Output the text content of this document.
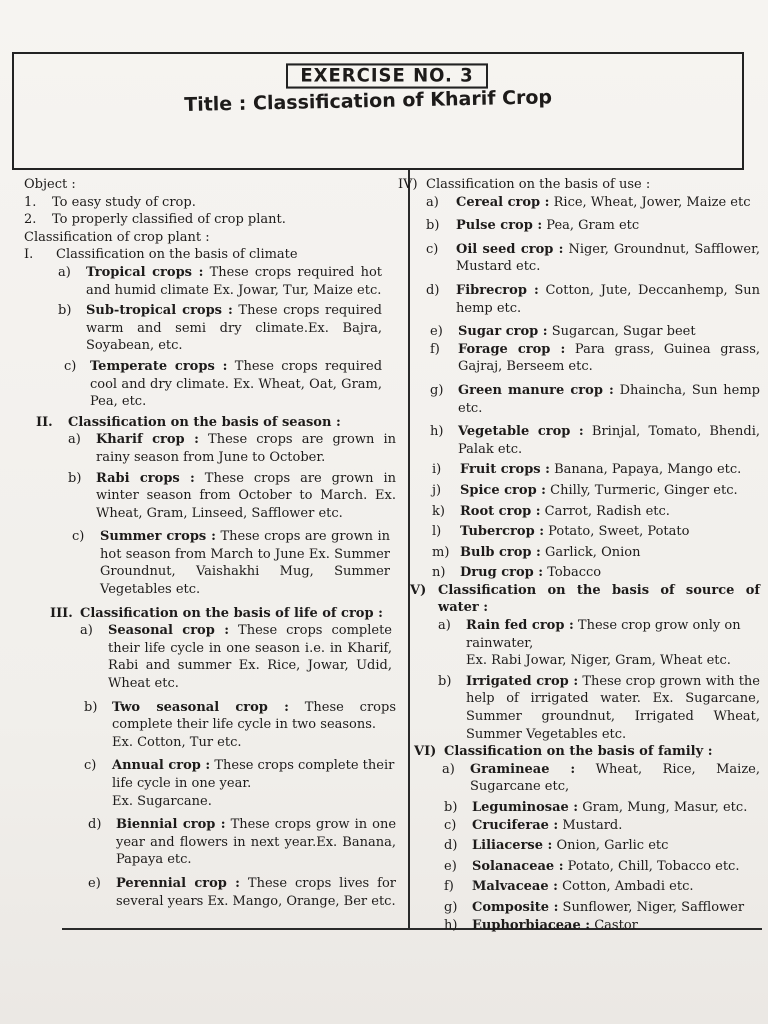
EXERCISE NO. 3
Title : Classification of Kharif Crop
Object :
1.	To easy study of crop.
2.	To properly classified of crop plant.
Classification of crop plant :
I.	Classification on the basis of climate
a)	Tropical crops : These crops required hot and humid climate Ex. Jowar, Tur, Maize etc.
b)	Sub-tropical crops : These crops required warm and semi dry climate.Ex. Bajra, Soyabean, etc.
c)	Temperate crops : These crops required cool and dry climate. Ex. Wheat, Oat, Gram, Pea, etc.
II.	Classification on the basis of season :
a)	Kharif crop : These crops are grown in rainy season from June to October.
b)	Rabi crops : These crops are grown in winter season from October to March. Ex. Wheat, Gram, Linseed, Safflower etc.
c)	Summer crops : These crops are grown in hot season from March to June Ex. Summer Groundnut, Vaishakhi Mug, Summer Vegetables etc.
III. Classification on the basis of life of crop :
a)	Seasonal crop : These crops complete their life cycle in one season i.e. in Kharif, Rabi and summer Ex. Rice, Jowar, Udid, Wheat etc.
b)	Two seasonal crop : These crops complete their life cycle in two seasons.
Ex. Cotton, Tur etc.
c)	Annual crop : These crops complete their life cycle in one year.
Ex. Sugarcane.
d)	Biennial crop : These crops grow in one year and flowers in next year.Ex. Banana, Papaya etc.
e)	Perennial crop : These crops lives for several years Ex. Mango, Orange, Ber etc.
IV) Classification on the basis of use :
a)	Cereal crop : Rice, Wheat, Jower, Maize etc
b)	Pulse crop : Pea, Gram etc
c)	Oil seed crop : Niger, Groundnut, Safflower, Mustard etc.
d)	Fibrecrop : Cotton, Jute, Deccanhemp, Sun hemp etc.
e)	Sugar crop : Sugarcan, Sugar beet
f)	Forage crop : Para grass, Guinea grass, Gajraj, Berseem etc.
g)	Green manure crop : Dhaincha, Sun hemp etc.
h)	Vegetable crop : Brinjal, Tomato, Bhendi, Palak etc.
i)	Fruit crops : Banana, Papaya, Mango etc.
j)	Spice crop : Chilly, Turmeric, Ginger etc.
k)	Root crop : Carrot, Radish etc.
l)	Tubercrop : Potato, Sweet, Potato
m) Bulb crop : Garlick, Onion
n)	Drug crop : Tobacco
V) Classification on the basis of source of water :
a)	Rain fed crop : These crop grow only on rainwater,
Ex. Rabi Jowar, Niger, Gram, Wheat etc.
b)	Irrigated crop : These crop grown with the help of irrigated water. Ex. Sugarcane, Summer groundnut, Irrigated Wheat, Summer Vegetables etc.
VI) Classification on the basis of family :
a)	Gramineae : Wheat, Rice, Maize, Sugarcane etc,
b)	Leguminosae : Gram, Mung, Masur, etc.
c)	Cruciferae : Mustard.
d)	Liliacerse : Onion, Garlic etc
e)	Solanaceae : Potato, Chill, Tobacco etc.
f)	Malvaceae : Cotton, Ambadi etc.
g)	Composite : Sunflower, Niger, Safflower
h)	Euphorbiaceae : Castor
